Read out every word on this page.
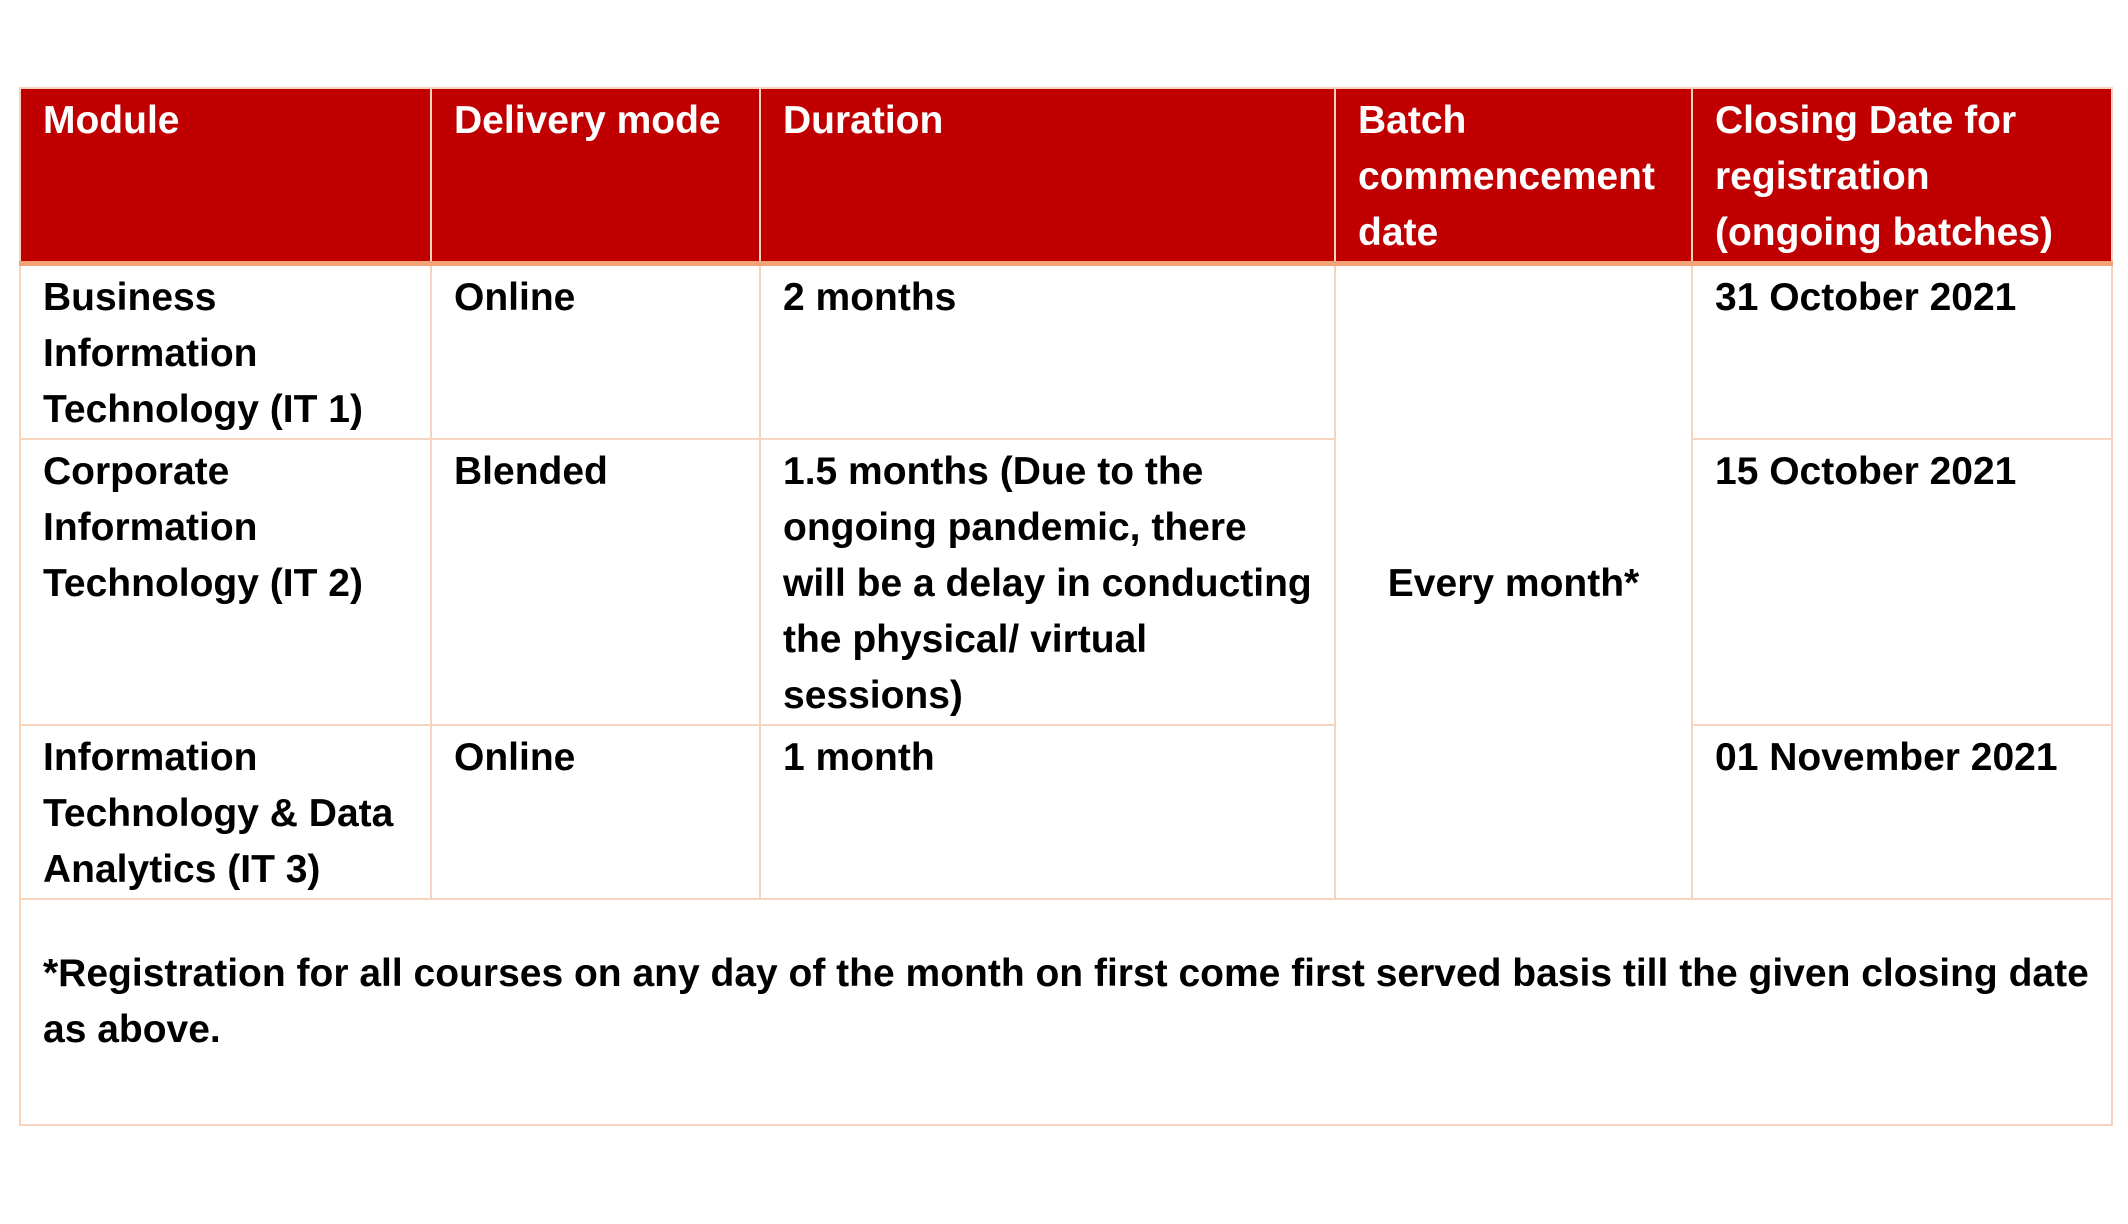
Module	Delivery mode	Duration	Batch commencement date	Closing Date for registration (ongoing batches)
Business Information Technology (IT 1)	Online	2 months	Every month*	31 October 2021
Corporate Information Technology (IT 2)	Blended	1.5 months (Due to the ongoing pandemic, there will be a delay in conducting the physical/ virtual sessions)		15 October 2021
Information Technology & Data Analytics (IT 3)	Online	1 month		01 November 2021
*Registration for all courses on any day of the month on first come first served basis till the given closing date as above.				
